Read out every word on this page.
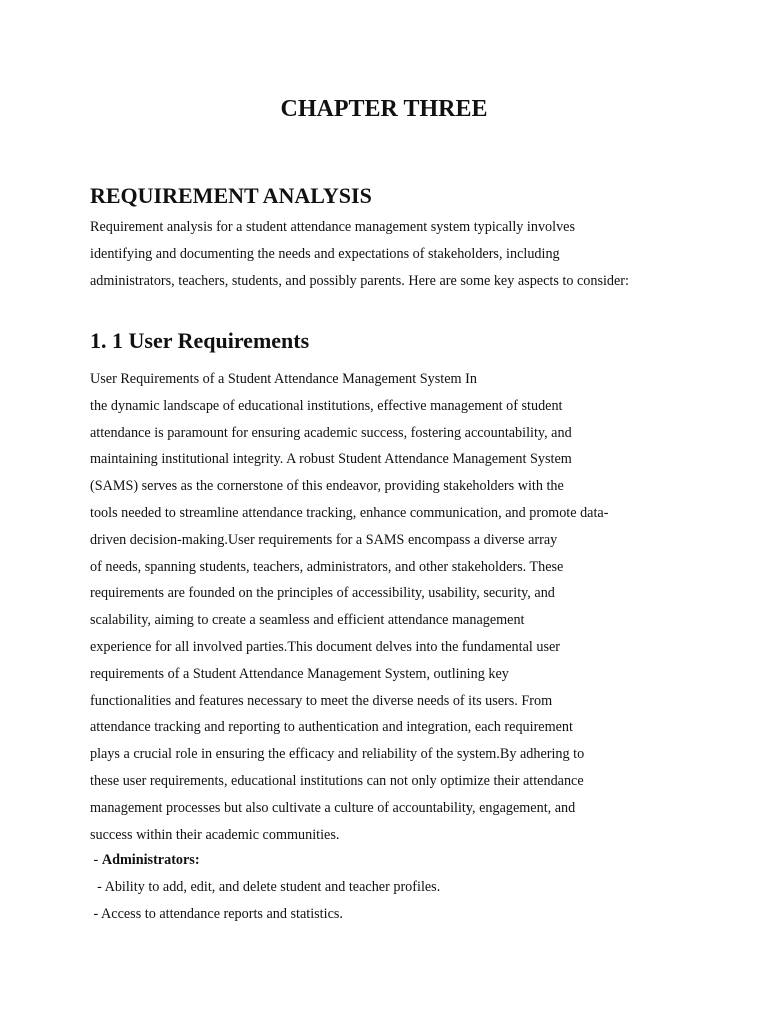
CHAPTER THREE
REQUIREMENT ANALYSIS
Requirement analysis for a student attendance management system typically involves
identifying and documenting the needs and expectations of stakeholders, including
administrators, teachers, students, and possibly parents. Here are some key aspects to consider:
1. 1 User Requirements
User Requirements of a Student Attendance Management System In
the dynamic landscape of educational institutions, effective management of student
attendance is paramount for ensuring academic success, fostering accountability, and
maintaining institutional integrity. A robust Student Attendance Management System
(SAMS) serves as the cornerstone of this endeavor, providing stakeholders with the
tools needed to streamline attendance tracking, enhance communication, and promote data-
driven decision-making.User requirements for a SAMS encompass a diverse array
of needs, spanning students, teachers, administrators, and other stakeholders. These
requirements are founded on the principles of accessibility, usability, security, and
scalability, aiming to create a seamless and efficient attendance management
experience for all involved parties.This document delves into the fundamental user
requirements of a Student Attendance Management System, outlining key
functionalities and features necessary to meet the diverse needs of its users. From
attendance tracking and reporting to authentication and integration, each requirement
plays a crucial role in ensuring the efficacy and reliability of the system.By adhering to
these user requirements, educational institutions can not only optimize their attendance
management processes but also cultivate a culture of accountability, engagement, and
success within their academic communities.
- Administrators:
- Ability to add, edit, and delete student and teacher profiles.
- Access to attendance reports and statistics.
